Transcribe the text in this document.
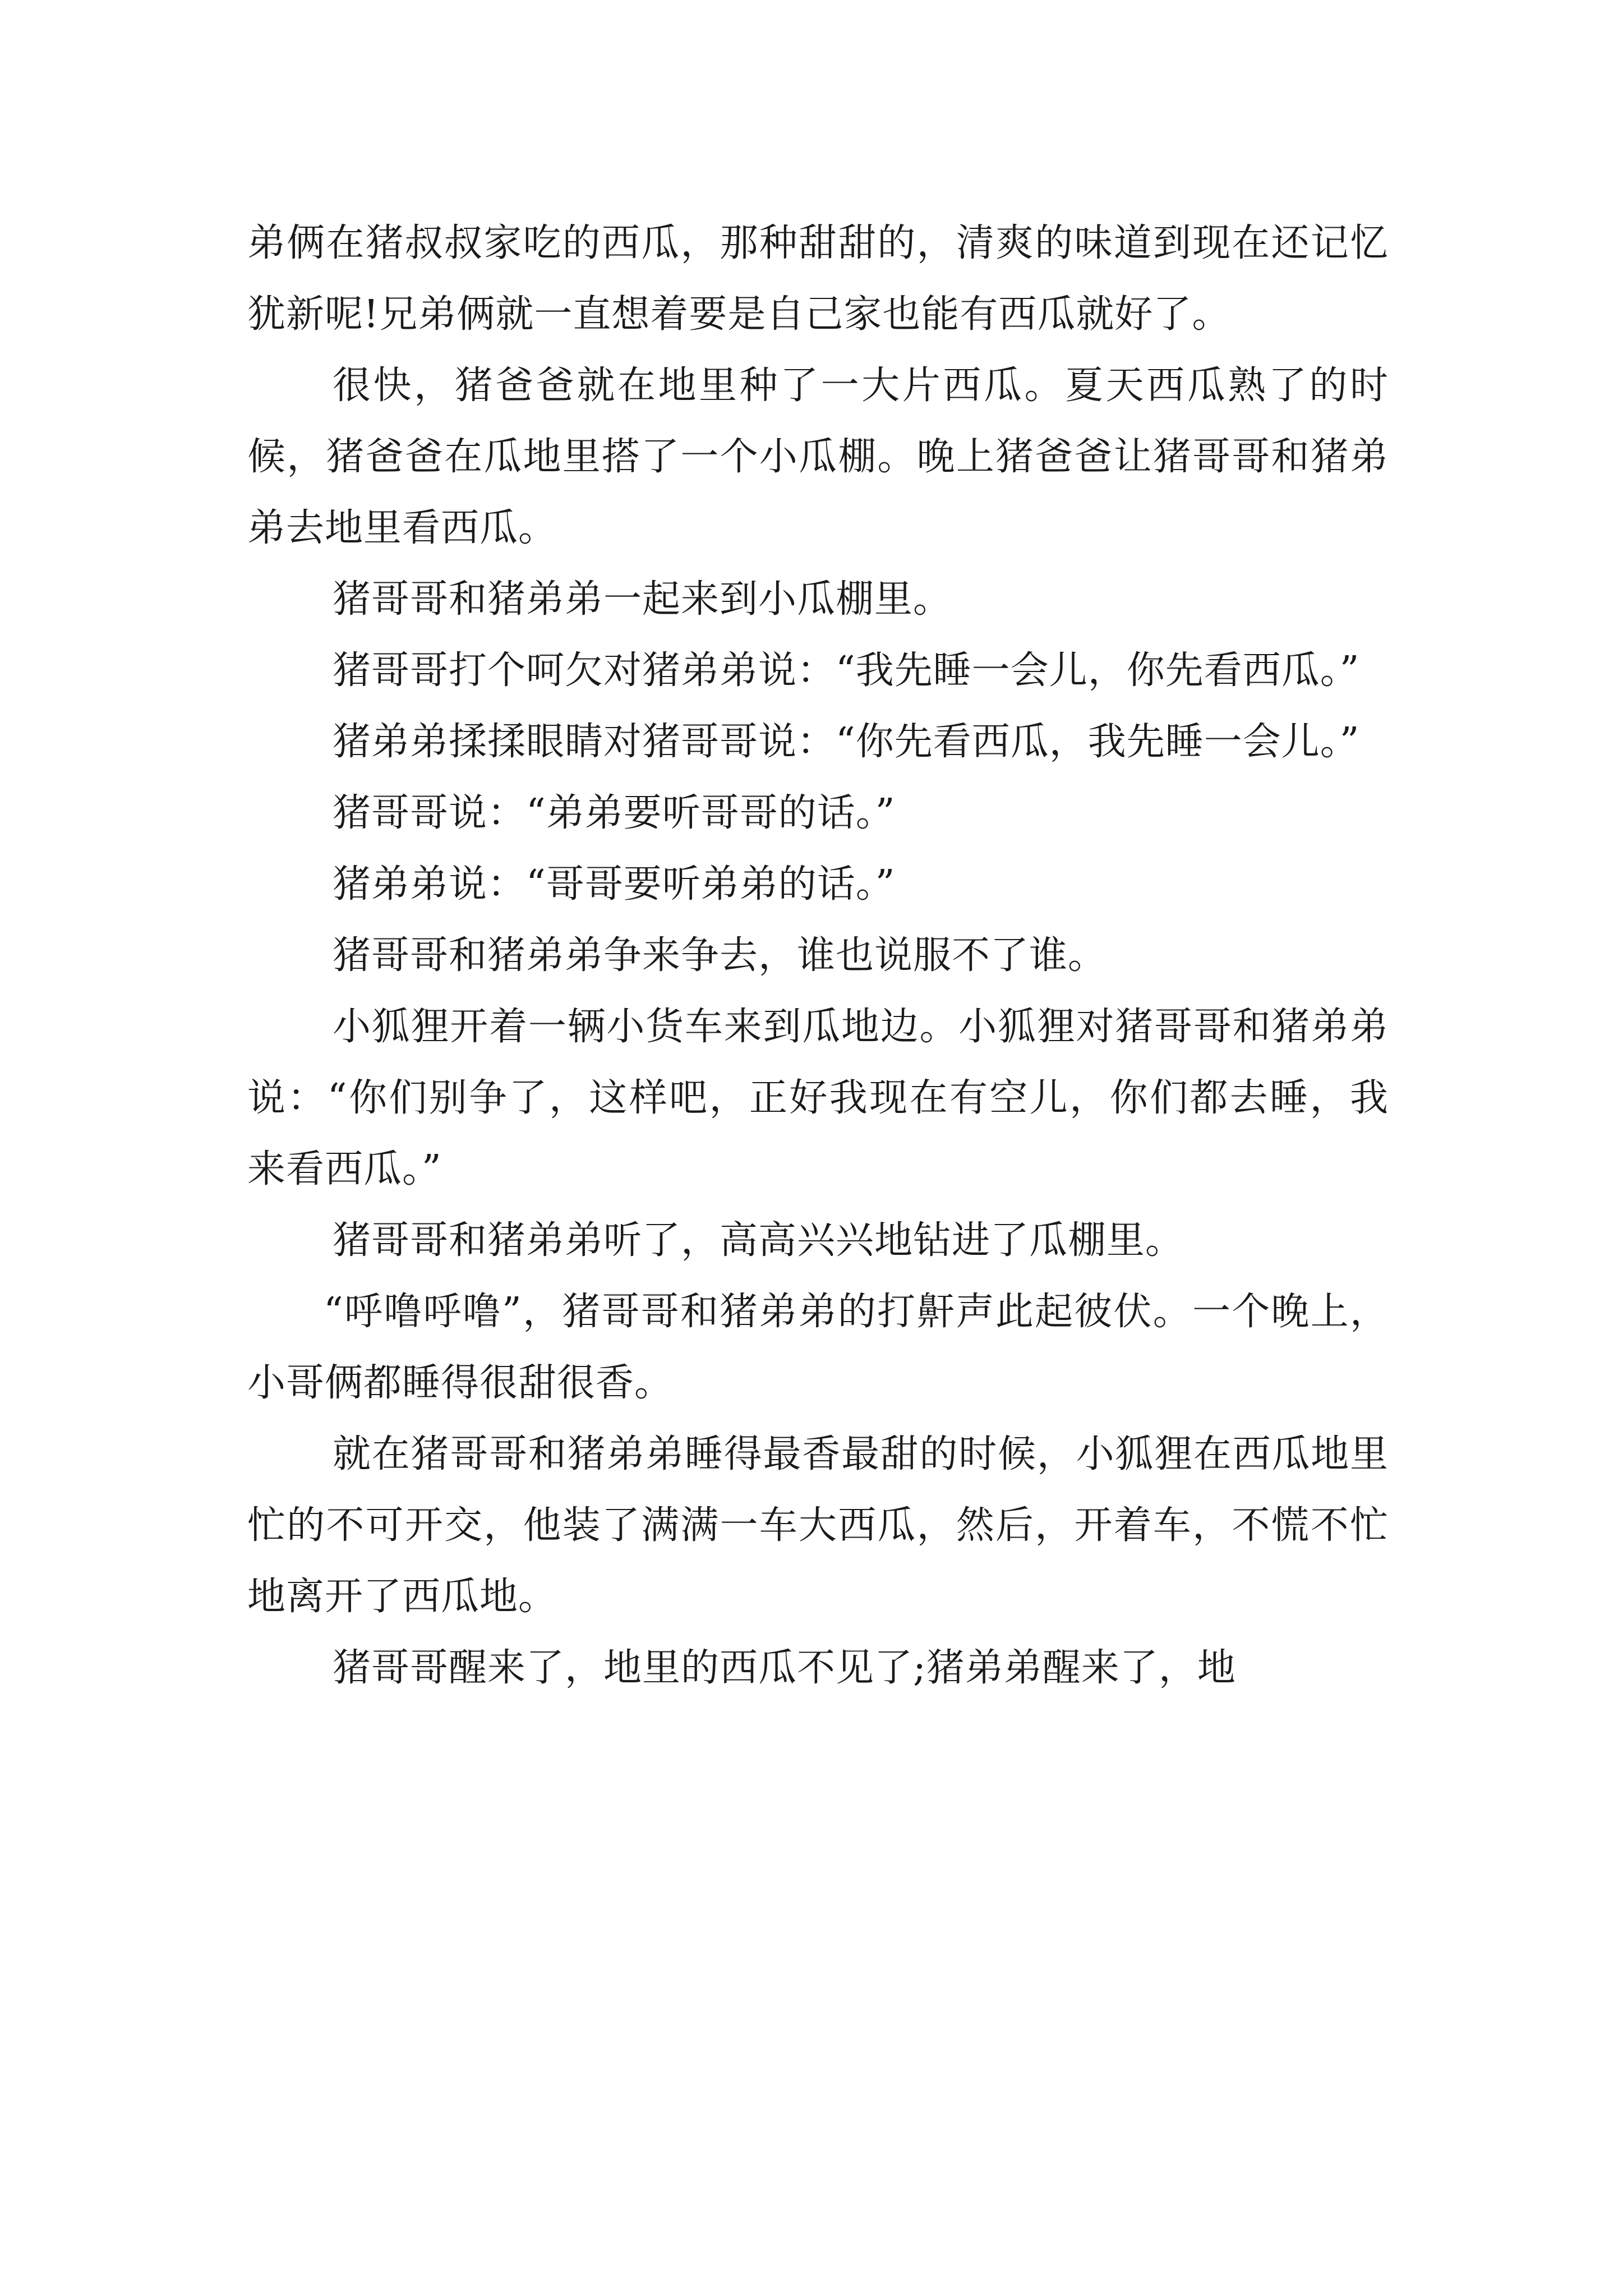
弟俩在猪叔叔家吃的西瓜，那种甜甜的，清爽的味道到现在还记忆犹新呢!兄弟俩就一直想着要是自己家也能有西瓜就好了。

很快，猪爸爸就在地里种了一大片西瓜。夏天西瓜熟了的时候，猪爸爸在瓜地里搭了一个小瓜棚。晚上猪爸爸让猪哥哥和猪弟弟去地里看西瓜。

猪哥哥和猪弟弟一起来到小瓜棚里。

猪哥哥打个呵欠对猪弟弟说：“我先睡一会儿，你先看西瓜。”

猪弟弟揉揉眼睛对猪哥哥说：“你先看西瓜，我先睡一会儿。”

猪哥哥说：“弟弟要听哥哥的话。”

猪弟弟说：“哥哥要听弟弟的话。”

猪哥哥和猪弟弟争来争去，谁也说服不了谁。

小狐狸开着一辆小货车来到瓜地边。小狐狸对猪哥哥和猪弟弟说：“你们别争了，这样吧，正好我现在有空儿，你们都去睡，我来看西瓜。”

猪哥哥和猪弟弟听了，高高兴兴地钻进了瓜棚里。

“呼噜呼噜”，猪哥哥和猪弟弟的打鼾声此起彼伏。一个晚上，小哥俩都睡得很甜很香。

就在猪哥哥和猪弟弟睡得最香最甜的时候，小狐狸在西瓜地里忙的不可开交，他装了满满一车大西瓜，然后，开着车，不慌不忙地离开了西瓜地。

猪哥哥醒来了，地里的西瓜不见了;猪弟弟醒来了，地
